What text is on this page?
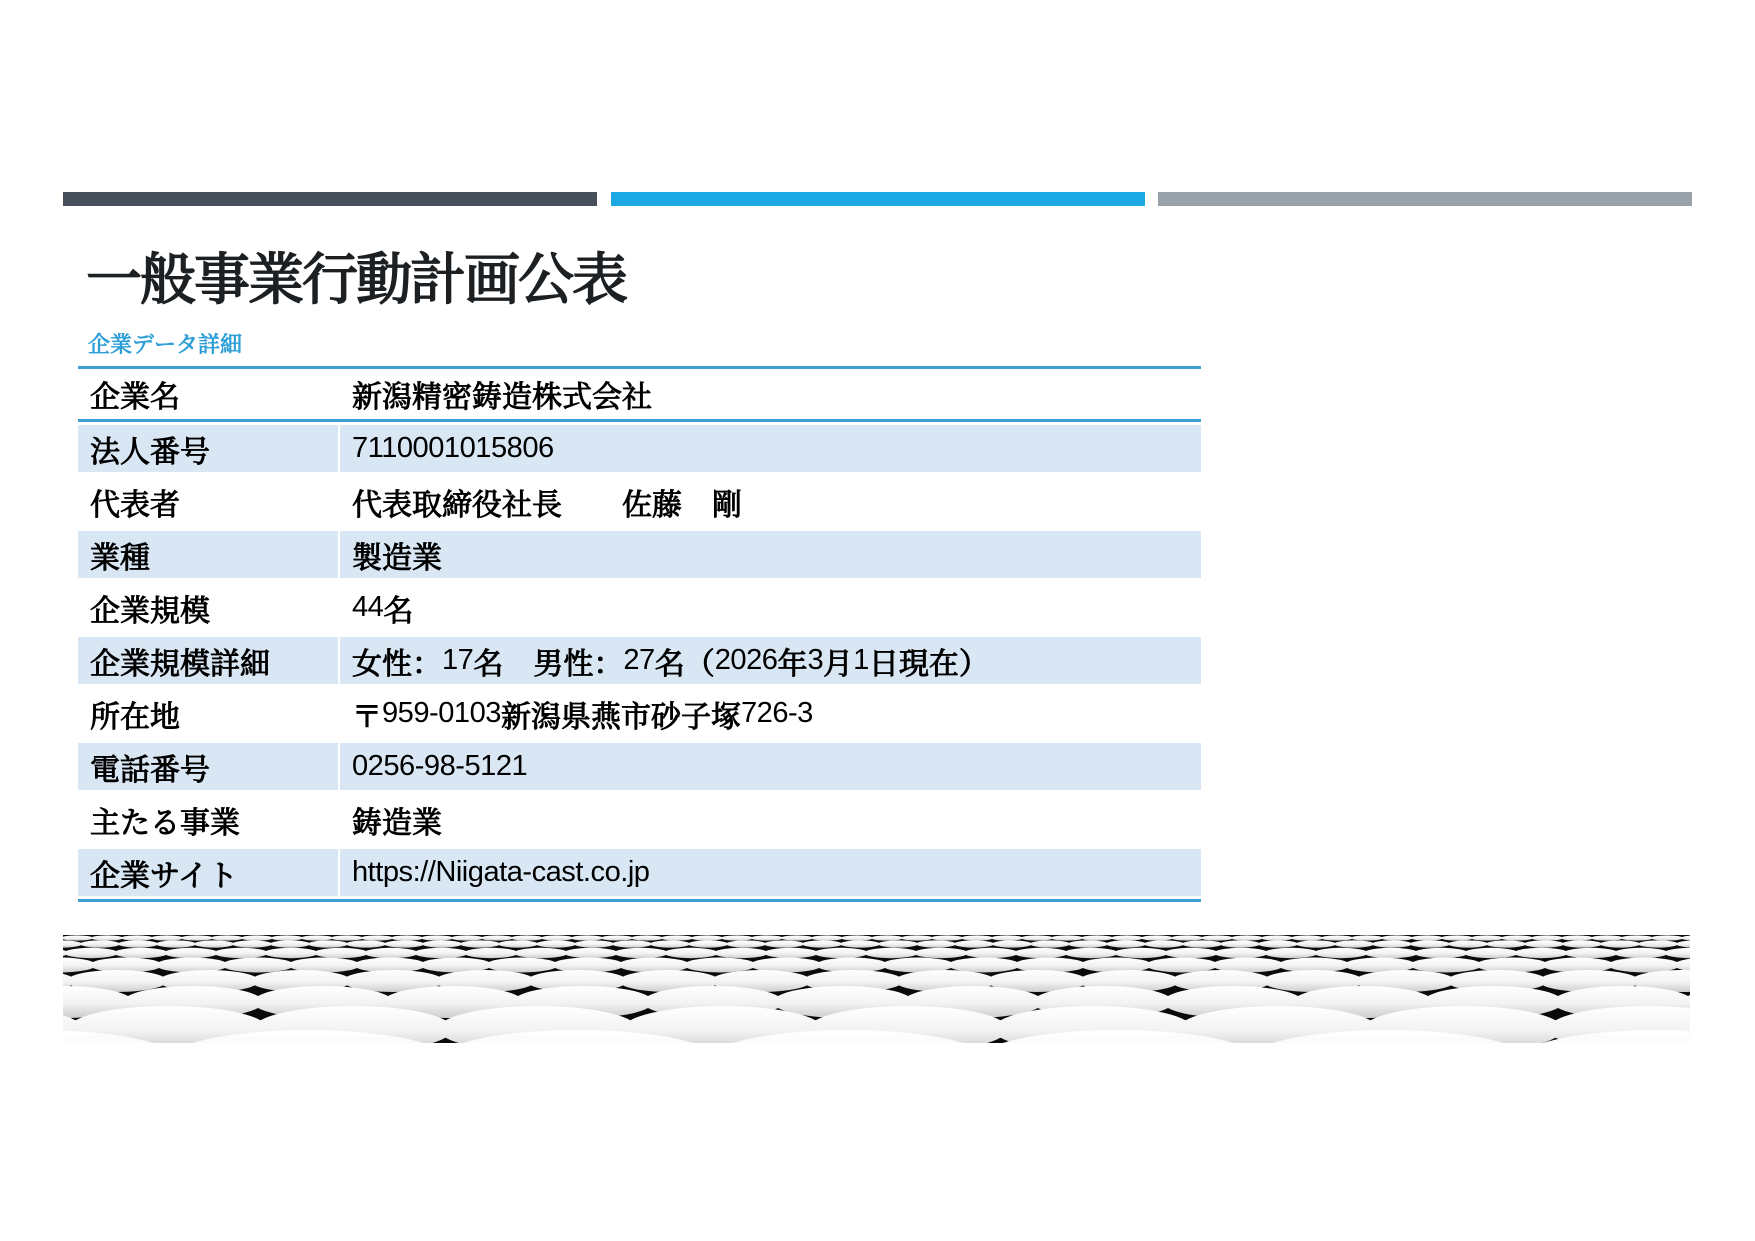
一般事業行動計画公表
企業データ詳細
企業名	新潟精密鋳造株式会社
法人番号	7110001015806
代表者	代表取締役社長　　佐藤　剛
業種	製造業
企業規模	44 名
企業規模詳細	女性： 17 名　男性： 27 名（ 2026 年 3 月 1 日現在）
所在地	〒 959-0103 新潟県燕市砂子塚 726-3
電話番号	0256-98-5121
主たる事業	鋳造業
企業サイト	https://Niigata-cast.co.jp
